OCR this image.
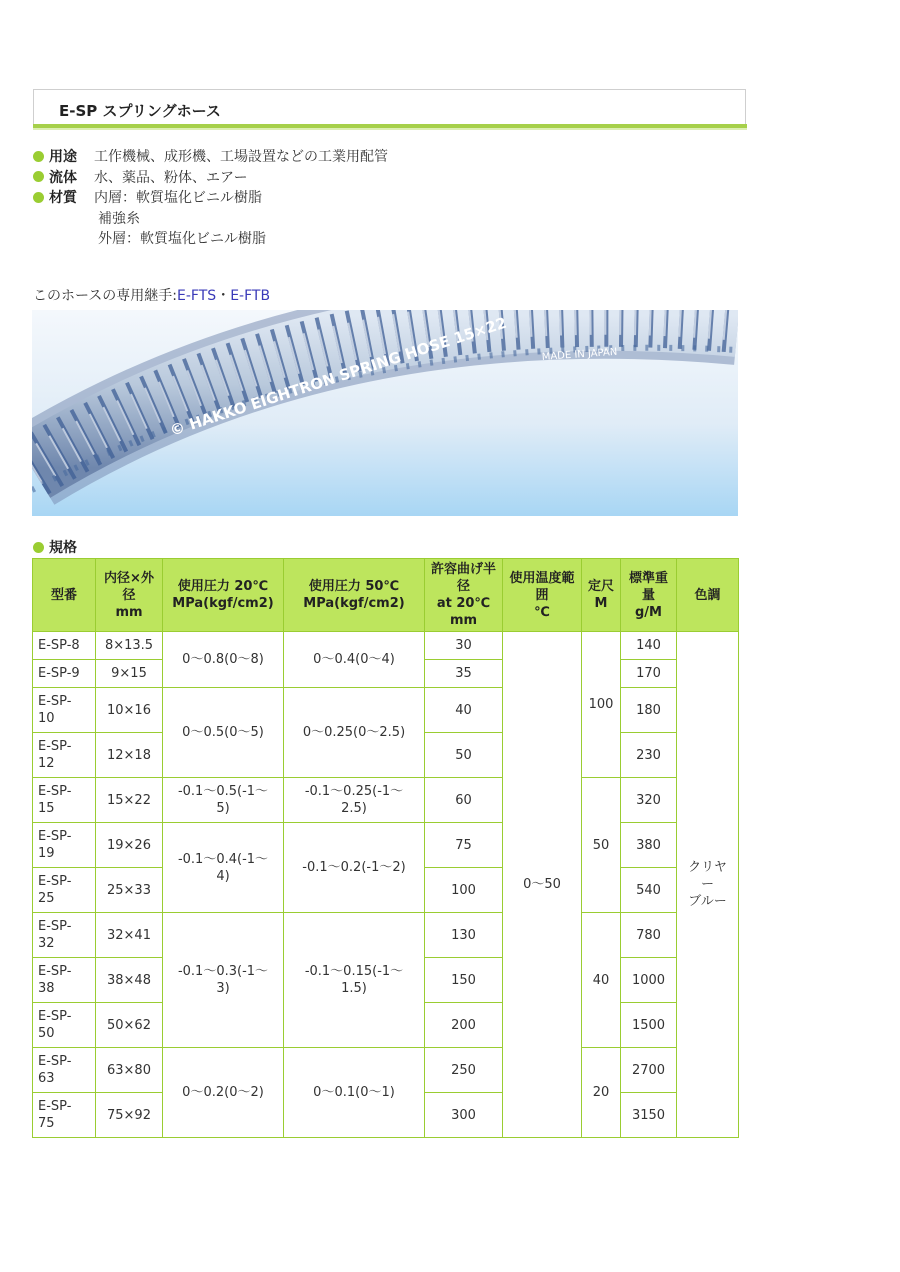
E-SP スプリングホース
用途 工作機械、成形機、工場設置などの工業用配管
流体 水、薬品、粉体、エアー
材質 内層：軟質塩化ビニル樹脂
補強糸
外層：軟質塩化ビニル樹脂
このホースの専用継手:E-FTS・E-FTB
© HAKKO EIGHTRON SPRING HOSE 15×22	MADE IN JAPAN
規格
型番	内径×外
径
mm	使用圧力 20℃
MPa(kgf/cm2)	使用圧力 50℃
MPa(kgf/cm2)	許容曲げ半
径
at 20℃
mm	使用温度範
囲
℃	定尺
M	標準重
量
g/M	色調
E-SP-8	8×13.5	0～0.8(0～8)	0～0.4(0～4)	30	0～50	100	140	クリヤ
ー
ブルー
E-SP-9	9×15			35			170	
E-SP-
10	10×16	0～0.5(0～5)	0～0.25(0～2.5)	40			180	
E-SP-
12	12×18			50			230	
E-SP-
15	15×22	-0.1～0.5(-1～
5)	-0.1～0.25(-1～
2.5)	60		50	320	
E-SP-
19	19×26	-0.1～0.4(-1～
4)	-0.1～0.2(-1～2)	75			380	
E-SP-
25	25×33			100			540	
E-SP-
32	32×41	-0.1～0.3(-1～
3)	-0.1～0.15(-1～
1.5)	130		40	780	
E-SP-
38	38×48			150			1000	
E-SP-
50	50×62			200			1500	
E-SP-
63	63×80	0～0.2(0～2)	0～0.1(0～1)	250		20	2700	
E-SP-
75	75×92			300			3150	
